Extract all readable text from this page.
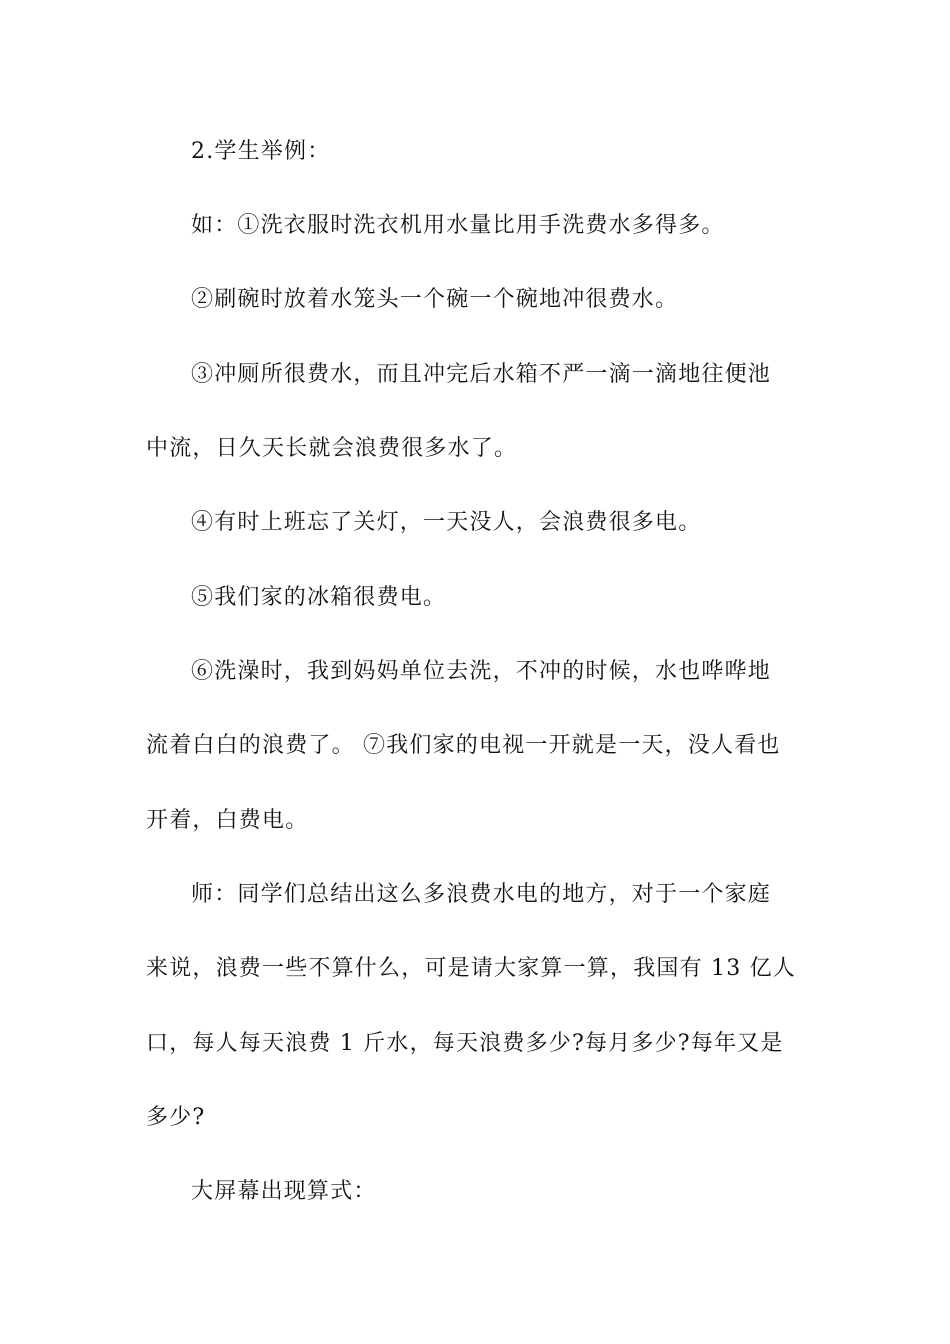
2.学生举例：
如：①洗衣服时洗衣机用水量比用手洗费水多得多。
②刷碗时放着水笼头一个碗一个碗地冲很费水。
③冲厕所很费水，而且冲完后水箱不严一滴一滴地往便池
中流，日久天长就会浪费很多水了。
④有时上班忘了关灯，一天没人，会浪费很多电。
⑤我们家的冰箱很费电。
⑥洗澡时，我到妈妈单位去洗，不冲的时候，水也哗哗地
流着白白的浪费了。 ⑦我们家的电视一开就是一天，没人看也
开着，白费电。
师：同学们总结出这么多浪费水电的地方，对于一个家庭
来说，浪费一些不算什么，可是请大家算一算，我国有 13 亿人
口，每人每天浪费 1 斤水，每天浪费多少?每月多少?每年又是
多少?
大屏幕出现算式：
